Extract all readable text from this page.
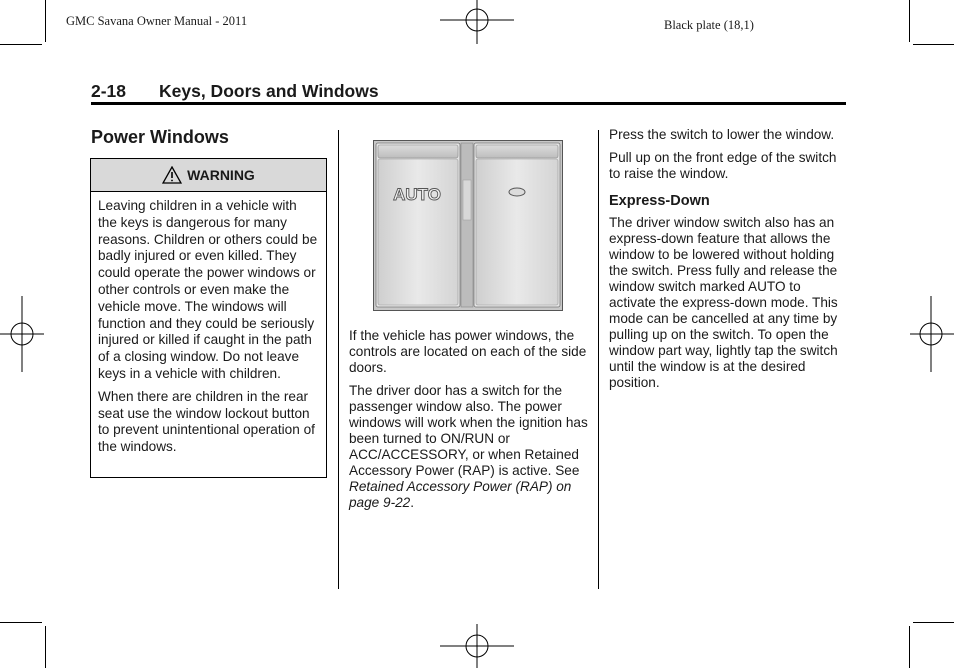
GMC Savana Owner Manual - 2011	Black plate (18,1)
2-18 Keys, Doors and Windows
Power Windows
WARNING

Leaving children in a vehicle with the keys is dangerous for many reasons. Children or others could be badly injured or even killed. They could operate the power windows or other controls or even make the vehicle move. The windows will function and they could be seriously injured or killed if caught in the path of a closing window. Do not leave keys in a vehicle with children.

When there are children in the rear seat use the window lockout button to prevent unintentional operation of the windows.

AUTO

If the vehicle has power windows, the controls are located on each of the side doors.

The driver door has a switch for the passenger window also. The power windows will work when the ignition has been turned to ON/RUN or ACC/ACCESSORY, or when Retained Accessory Power (RAP) is active. See Retained Accessory Power (RAP) on page 9-22.

Press the switch to lower the window.

Pull up on the front edge of the switch to raise the window.

Express-Down

The driver window switch also has an express-down feature that allows the window to be lowered without holding the switch. Press fully and release the window switch marked AUTO to activate the express-down mode. This mode can be cancelled at any time by pulling up on the switch. To open the window part way, lightly tap the switch until the window is at the desired position.
